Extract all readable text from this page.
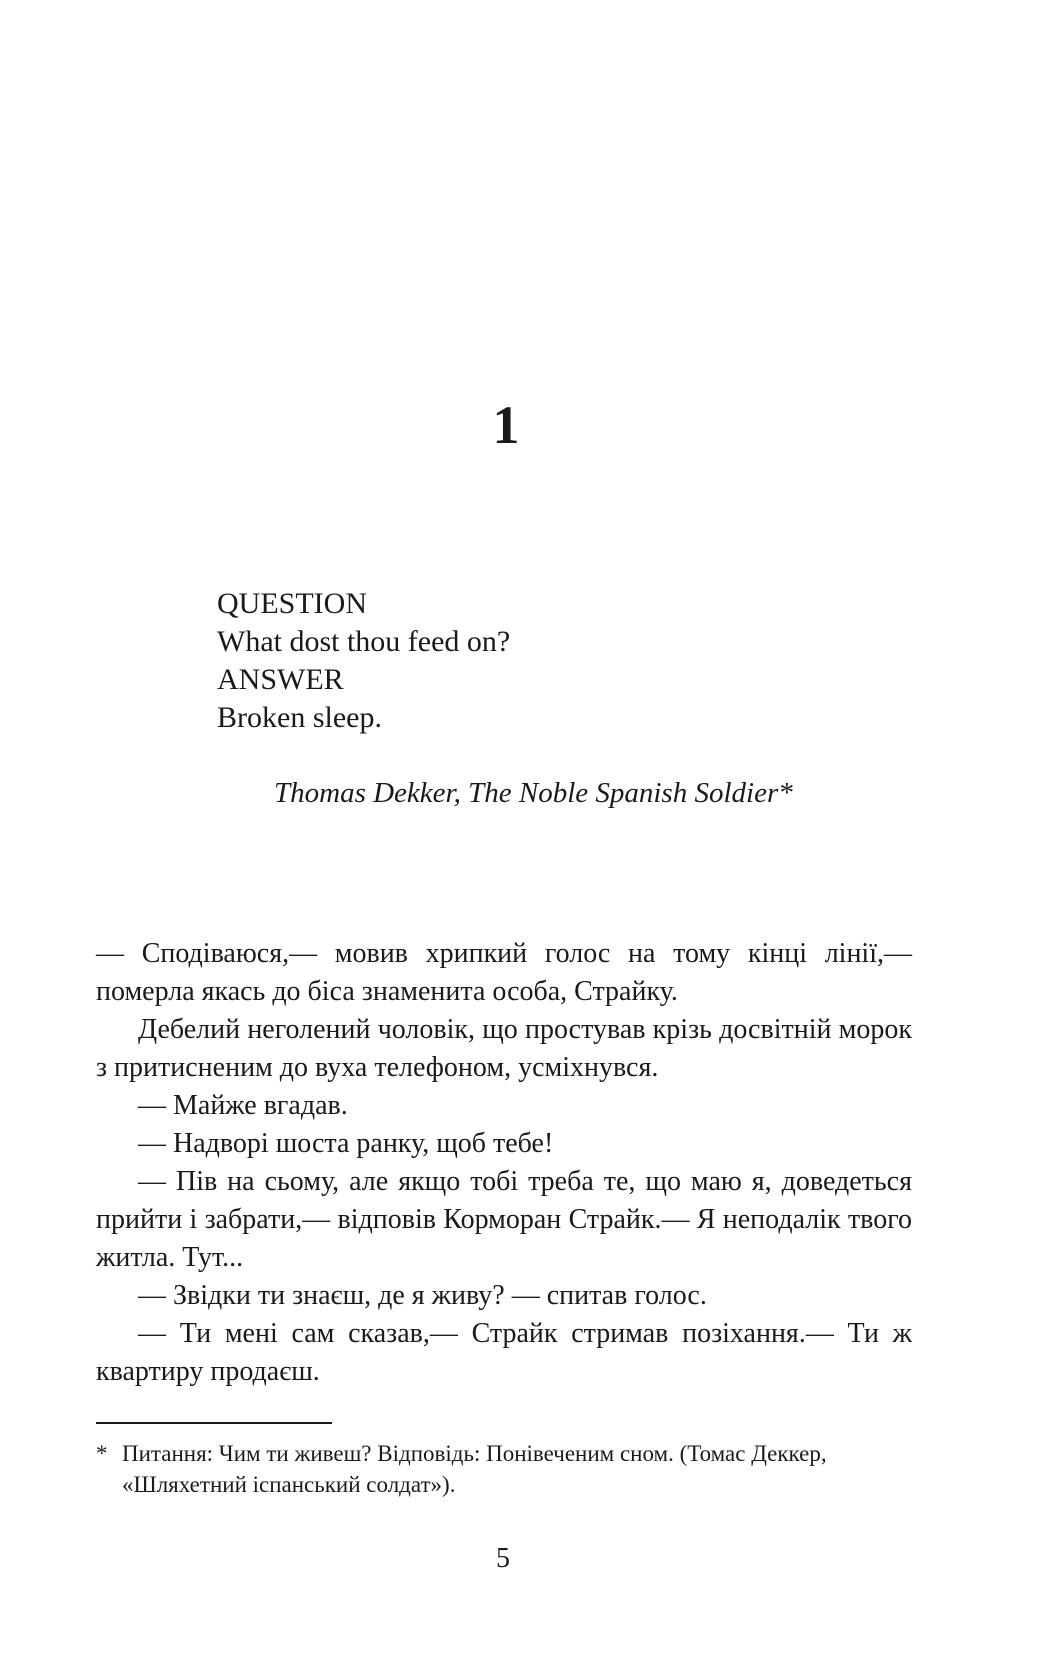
1
QUESTION
What dost thou feed on?
ANSWER
Broken sleep.
Thomas Dekker, The Noble Spanish Soldier*

— Сподіваюся,— мовив хрипкий голос на тому кінці лінії,— померла якась до біса знаменита особа, Страйку.

Дебелий неголений чоловік, що простував крізь досвітній морок з притисненим до вуха телефоном, усміхнувся.

— Майже вгадав.

— Надворі шоста ранку, щоб тебе!

— Пів на сьому, але якщо тобі треба те, що маю я, доведеться прийти і забрати,— відповів Корморан Страйк.— Я неподалік твого житла. Тут...

— Звідки ти знаєш, де я живу? — спитав голос.

— Ти мені сам сказав,— Страйк стримав позіхання.— Ти ж квартиру продаєш.

* Питання: Чим ти живеш? Відповідь: Понівеченим сном. (Томас Деккер,
«Шляхетний іспанський солдат»).
5
